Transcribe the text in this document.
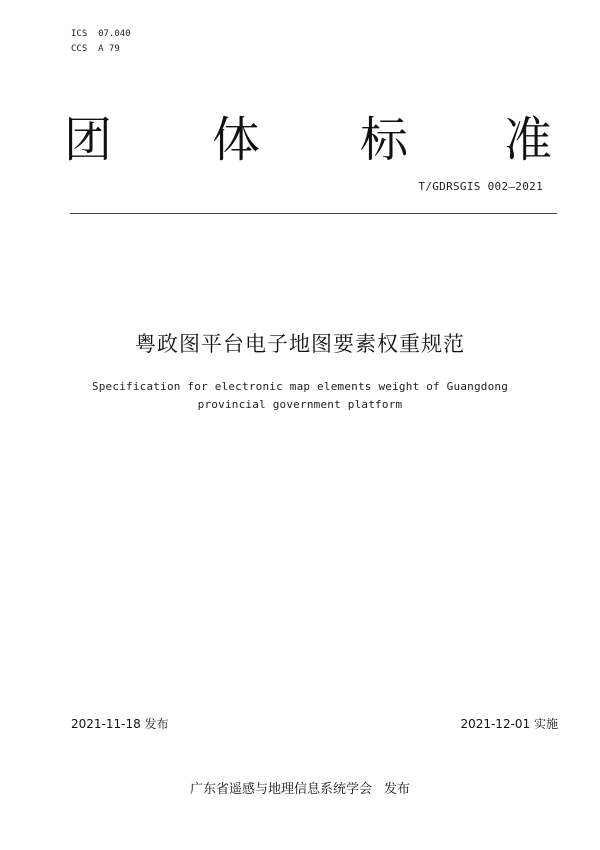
ICS  07.040
CCS  A 79
团 体 标 准
T/GDRSGIS 002—2021
粤政图平台电子地图要素权重规范
Specification for electronic map elements weight of Guangdong
provincial government platform
2021-11-18 发布	2021-12-01 实施
广东省遥感与地理信息系统学会 发布
